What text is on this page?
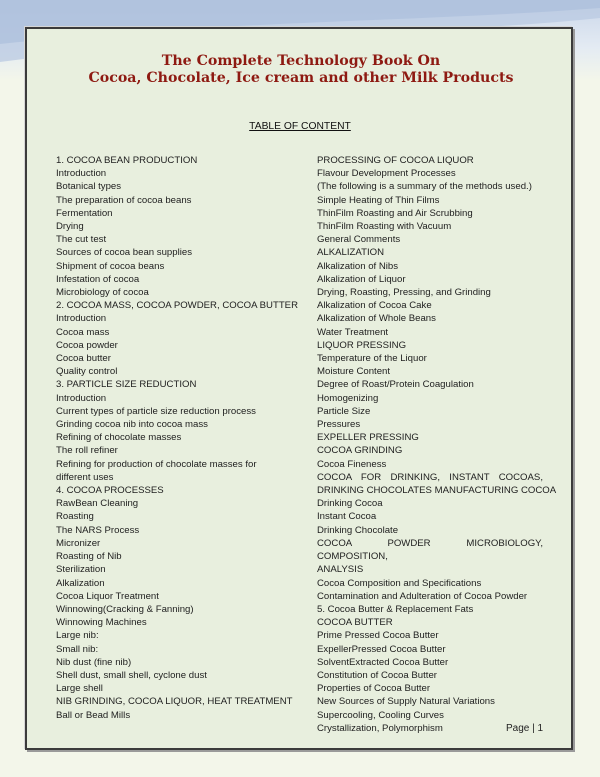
The Complete Technology Book On
Cocoa, Chocolate, Ice cream and other Milk Products
TABLE OF CONTENT
1. COCOA BEAN PRODUCTION
Introduction
Botanical types
The preparation of cocoa beans
Fermentation
Drying
The cut test
Sources of cocoa bean supplies
Shipment of cocoa beans
Infestation of cocoa
Microbiology of cocoa
2. COCOA MASS, COCOA POWDER, COCOA BUTTER
Introduction
Cocoa mass
Cocoa powder
Cocoa butter
Quality control
3. PARTICLE SIZE REDUCTION
Introduction
Current types of particle size reduction process
Grinding cocoa nib into cocoa mass
Refining of chocolate masses
The roll refiner
Refining for production of chocolate masses for
different uses
4. COCOA PROCESSES
RawBean Cleaning
Roasting
The NARS Process
Micronizer
Roasting of Nib
Sterilization
Alkalization
Cocoa Liquor Treatment
Winnowing(Cracking & Fanning)
Winnowing Machines
Large nib:
Small nib:
Nib dust (fine nib)
Shell dust, small shell, cyclone dust
Large shell
NIB GRINDING, COCOA LIQUOR, HEAT TREATMENT
Ball or Bead Mills
PROCESSING OF COCOA LIQUOR
Flavour Development Processes
(The following is a summary of the methods used.)
Simple Heating of Thin Films
ThinFilm Roasting and Air Scrubbing
ThinFilm Roasting with Vacuum
General Comments
ALKALIZATION
Alkalization of Nibs
Alkalization of Liquor
Drying, Roasting, Pressing, and Grinding
Alkalization of Cocoa Cake
Alkalization of Whole Beans
Water Treatment
LIQUOR PRESSING
Temperature of the Liquor
Moisture Content
Degree of Roast/Protein Coagulation
Homogenizing
Particle Size
Pressures
EXPELLER PRESSING
COCOA GRINDING
Cocoa Fineness
COCOA FOR DRINKING, INSTANT COCOAS,
DRINKING CHOCOLATES MANUFACTURING COCOA
Drinking Cocoa
Instant Cocoa
Drinking Chocolate
COCOA POWDER MICROBIOLOGY, COMPOSITION,
ANALYSIS
Cocoa Composition and Specifications
Contamination and Adulteration of Cocoa Powder
5. Cocoa Butter & Replacement Fats
COCOA BUTTER
Prime Pressed Cocoa Butter
ExpellerPressed Cocoa Butter
SolventExtracted Cocoa Butter
Constitution of Cocoa Butter
Properties of Cocoa Butter
New Sources of Supply Natural Variations
Supercooling, Cooling Curves
Crystallization, Polymorphism	Page | 1
